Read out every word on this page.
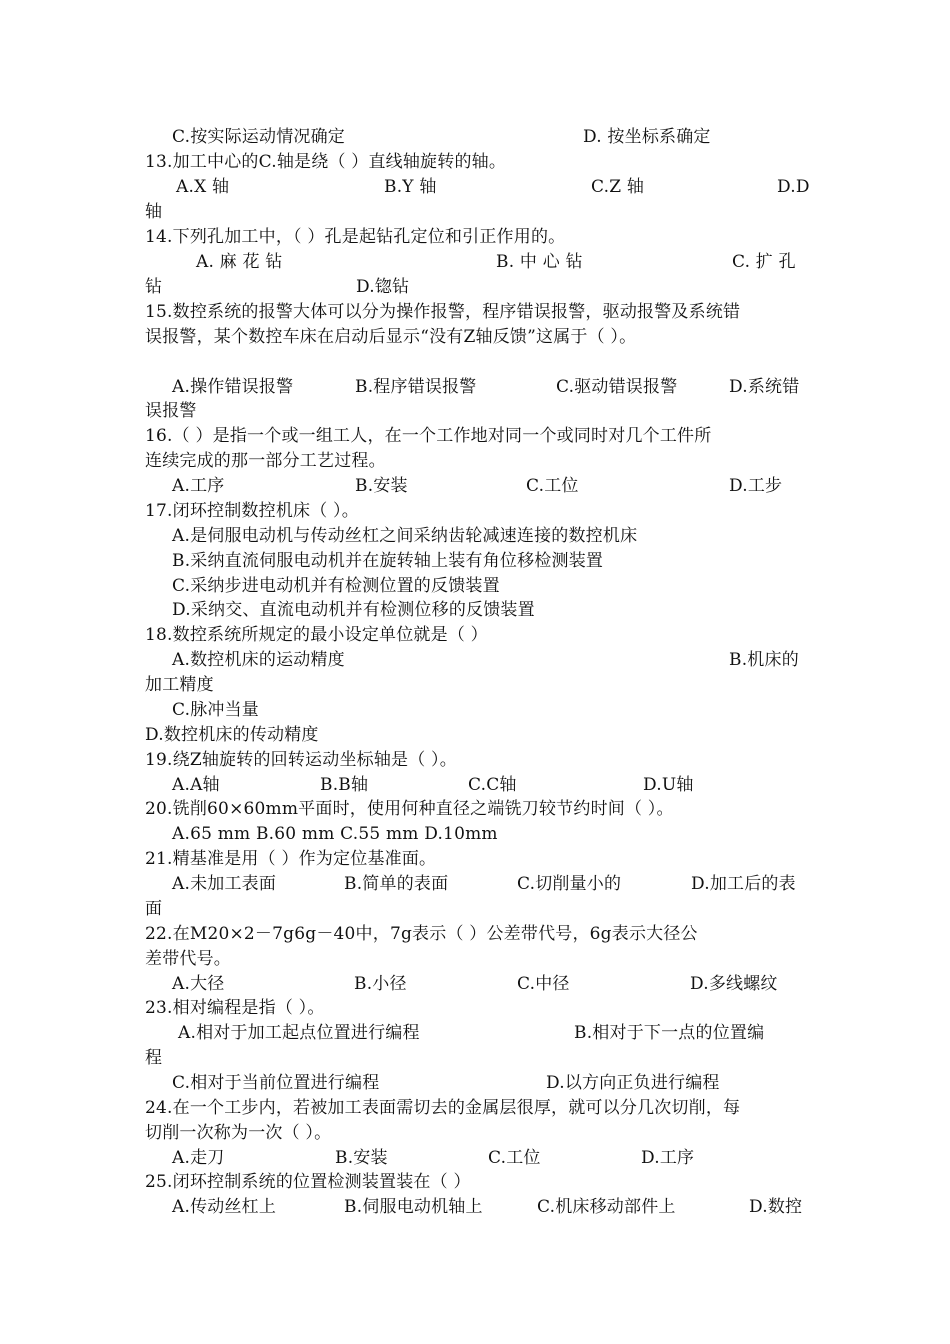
C.按实际运动情况确定	D. 按坐标系确定
13.加工中心的C.轴是绕（ ）直线轴旋转的轴。
A.X 轴	B.Y 轴	C.Z 轴	D.D
轴
14.下列孔加工中，（ ）孔是起钻孔定位和引正作用的。
A. 麻 花 钻	B. 中 心 钻	C. 扩 孔
钻	D.锪钻
15.数控系统的报警大体可以分为操作报警，程序错误报警，驱动报警及系统错
误报警，某个数控车床在启动后显示“没有Z轴反馈”这属于（ ）。
A.操作错误报警	B.程序错误报警	C.驱动错误报警	D.系统错
误报警
16.（ ）是指一个或一组工人，在一个工作地对同一个或同时对几个工件所
连续完成的那一部分工艺过程。
A.工序	B.安装	C.工位	D.工步
17.闭环控制数控机床（ ）。
A.是伺服电动机与传动丝杠之间采纳齿轮减速连接的数控机床
B.采纳直流伺服电动机并在旋转轴上装有角位移检测装置
C.采纳步进电动机并有检测位置的反馈装置
D.采纳交、直流电动机并有检测位移的反馈装置
18.数控系统所规定的最小设定单位就是（ ）
A.数控机床的运动精度	B.机床的
加工精度
C.脉冲当量
D.数控机床的传动精度
19.绕Z轴旋转的回转运动坐标轴是（ ）。
A.A轴	B.B轴	C.C轴	D.U轴
20.铣削60×60mm平面时，使用何种直径之端铣刀较节约时间（ ）。
A.65 mm B.60 mm C.55 mm D.10mm
21.精基准是用（ ）作为定位基准面。
A.未加工表面	B.简单的表面	C.切削量小的	D.加工后的表
面
22.在M20×2－7g6g－40中，7g表示（ ）公差带代号，6g表示大径公
差带代号。
A.大径	B.小径	C.中径	D.多线螺纹
23.相对编程是指（ ）。
A.相对于加工起点位置进行编程	B.相对于下一点的位置编
程
C.相对于当前位置进行编程	D.以方向正负进行编程
24.在一个工步内，若被加工表面需切去的金属层很厚，就可以分几次切削，每
切削一次称为一次（ ）。
A.走刀	B.安装	C.工位	D.工序
25.闭环控制系统的位置检测装置装在（ ）
A.传动丝杠上	B.伺服电动机轴上	C.机床移动部件上	D.数控
